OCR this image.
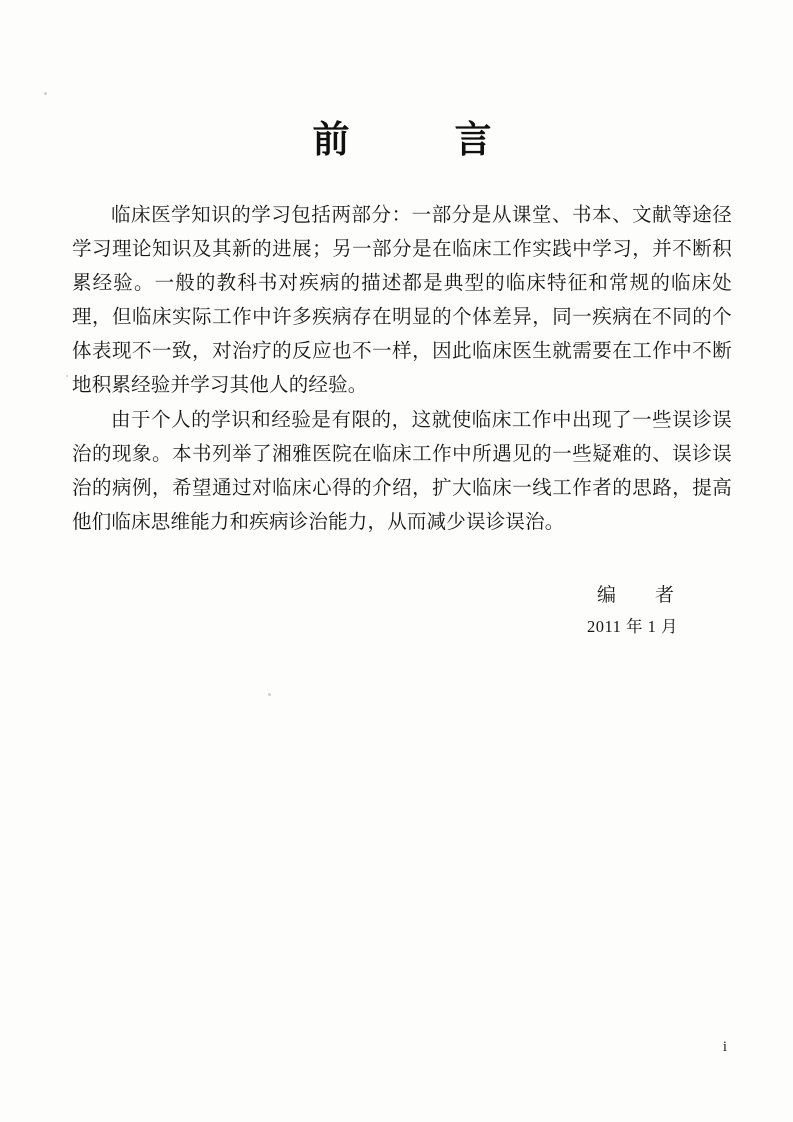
前　言

临床医学知识的学习包括两部分：一部分是从课堂、书本、文献等途径学习理论知识及其新的进展；另一部分是在临床工作实践中学习，并不断积累经验。一般的教科书对疾病的描述都是典型的临床特征和常规的临床处理，但临床实际工作中许多疾病存在明显的个体差异，同一疾病在不同的个体表现不一致，对治疗的反应也不一样，因此临床医生就需要在工作中不断地积累经验并学习其他人的经验。

由于个人的学识和经验是有限的，这就使临床工作中出现了一些误诊误治的现象。本书列举了湘雅医院在临床工作中所遇见的一些疑难的、误诊误治的病例，希望通过对临床心得的介绍，扩大临床一线工作者的思路，提高他们临床思维能力和疾病诊治能力，从而减少误诊误治。

编　者
2011 年 1 月
i
